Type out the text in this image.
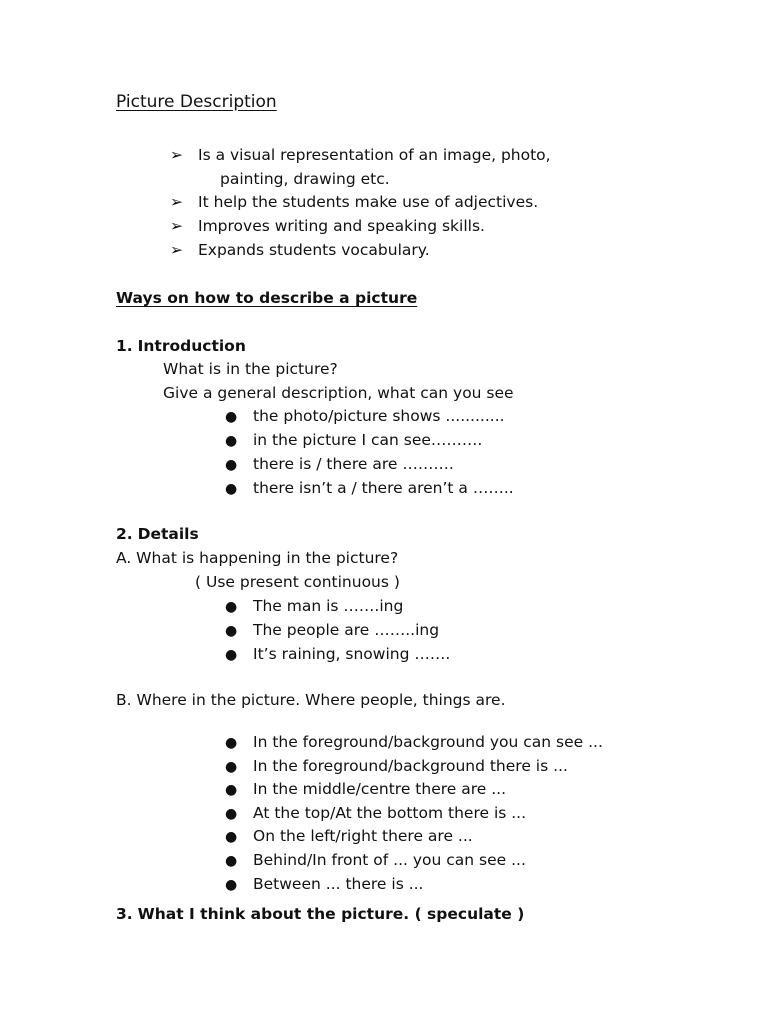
Picture Description
➢ Is a visual representation of an image, photo,
painting, drawing etc.
➢ It help the students make use of adjectives.
➢ Improves writing and speaking skills.
➢ Expands students vocabulary.
Ways on how to describe a picture
1. Introduction
What is in the picture?
Give a general description, what can you see
● the photo/picture shows ............
● in the picture I can see……….
● there is / there are ……….
● there isn’t a / there aren’t a ……..
2. Details
A. What is happening in the picture?
( Use present continuous )
● The man is …….ing
● The people are ……..ing
● It’s raining, snowing …….
B. Where in the picture. Where people, things are.
● In the foreground/background you can see ...
● In the foreground/background there is ...
● In the middle/centre there are ...
● At the top/At the bottom there is ...
● On the left/right there are ...
● Behind/In front of ... you can see ...
● Between ... there is ...
3. What I think about the picture. ( speculate )
